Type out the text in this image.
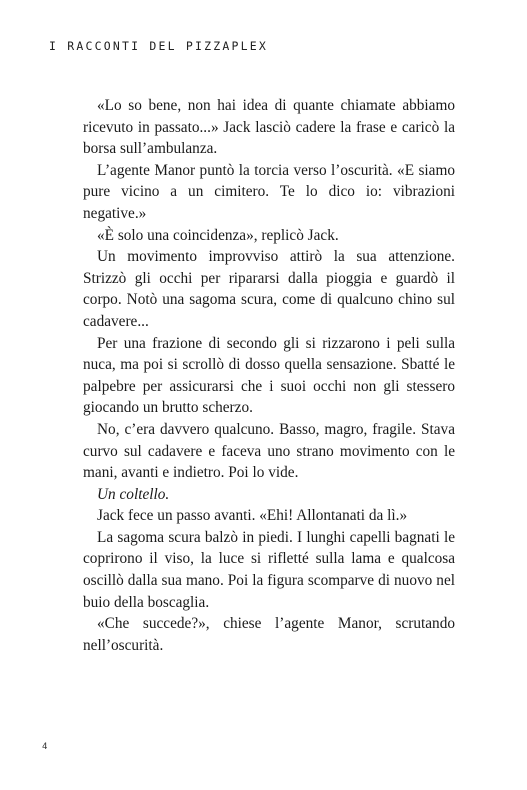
I RACCONTI DEL PIZZAPLEX

«Lo so bene, non hai idea di quante chiamate abbiamo ricevuto in passato...» Jack lasciò cadere la frase e caricò la borsa sull’ambulanza.

L’agente Manor puntò la torcia verso l’oscurità. «E siamo pure vicino a un cimitero. Te lo dico io: vibrazioni negative.»

«È solo una coincidenza», replicò Jack.

Un movimento improvviso attirò la sua attenzione. Strizzò gli occhi per ripararsi dalla pioggia e guardò il corpo. Notò una sagoma scura, come di qualcuno chino sul cadavere...

Per una frazione di secondo gli si rizzarono i peli sulla nuca, ma poi si scrollò di dosso quella sensazione. Sbatté le palpebre per assicurarsi che i suoi occhi non gli stessero giocando un brutto scherzo.

No, c’era davvero qualcuno. Basso, magro, fragile. Stava curvo sul cadavere e faceva uno strano movimento con le mani, avanti e indietro. Poi lo vide.

Un coltello.

Jack fece un passo avanti. «Ehi! Allontanati da lì.»

La sagoma scura balzò in piedi. I lunghi capelli bagnati le coprirono il viso, la luce si rifletté sulla lama e qualcosa oscillò dalla sua mano. Poi la figura scomparve di nuovo nel buio della boscaglia.

«Che succede?», chiese l’agente Manor, scrutando nell’oscurità.

4
